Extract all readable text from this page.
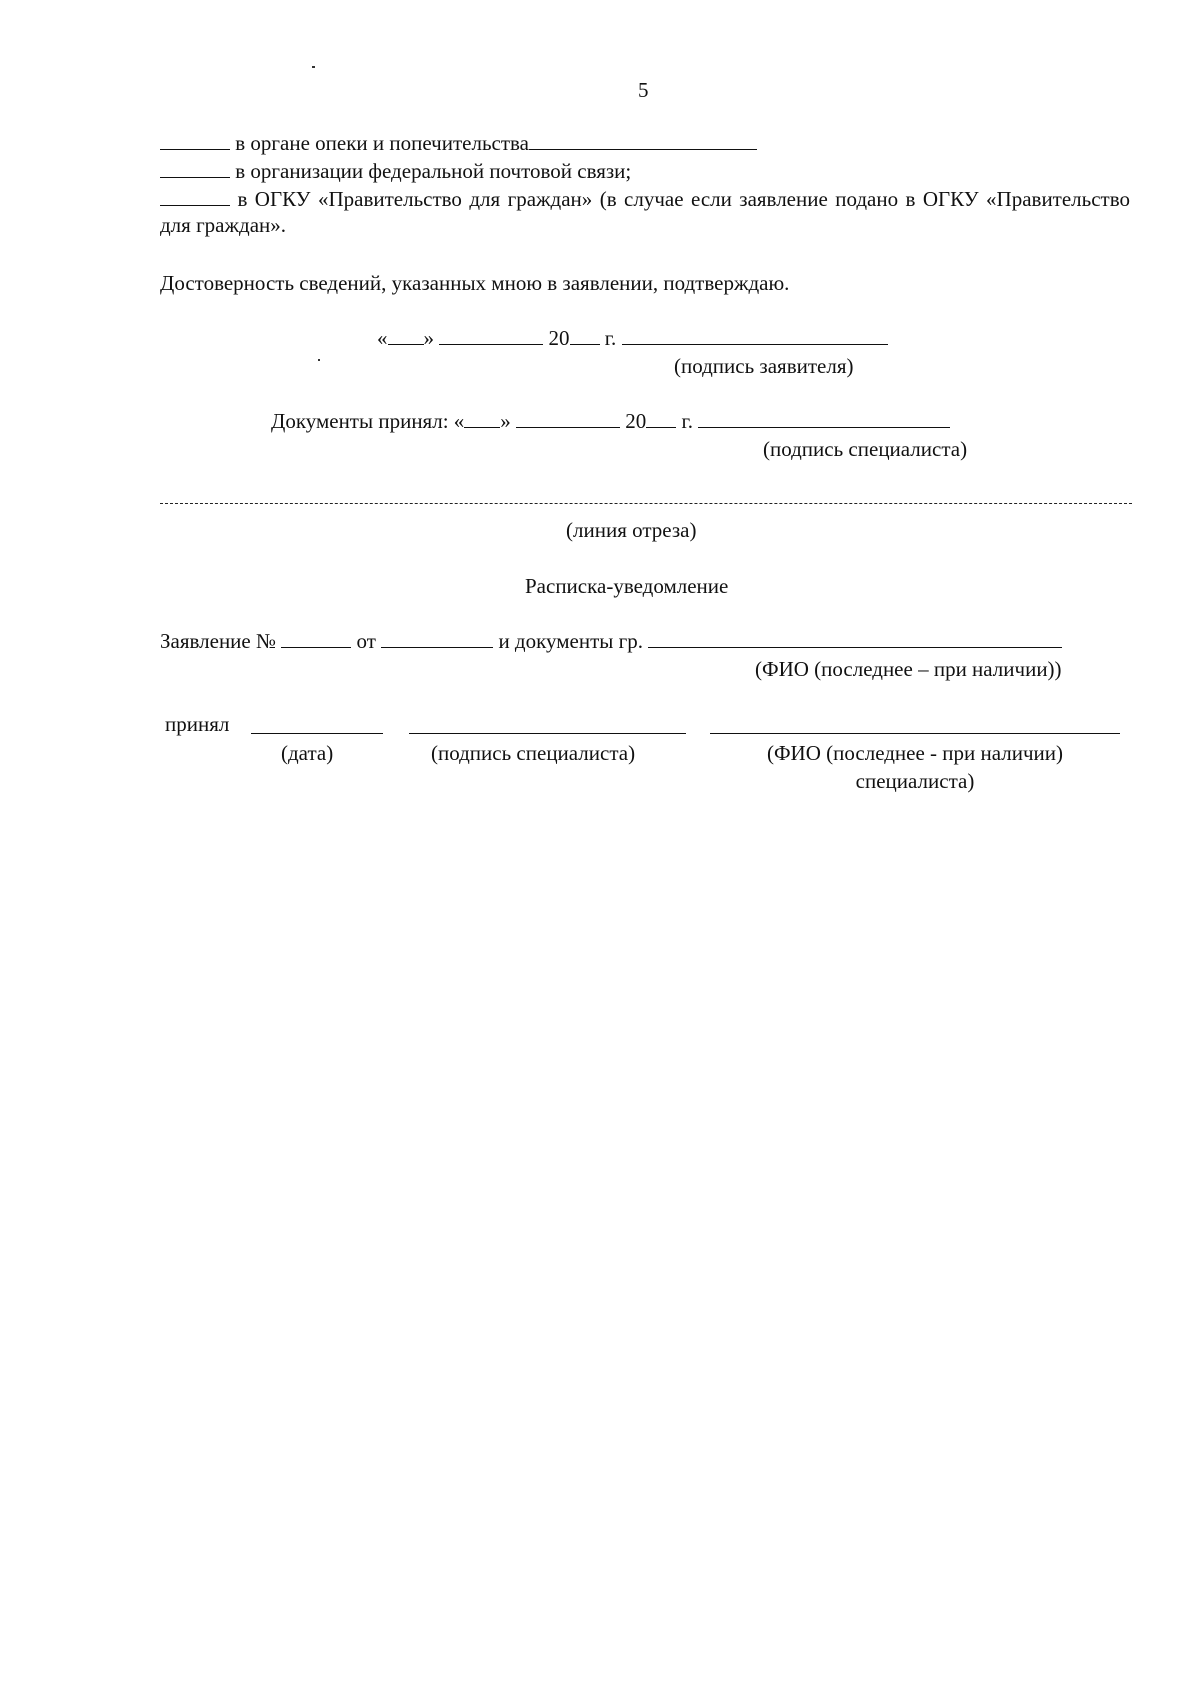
5
в органе опеки и попечительства
в организации федеральной почтовой связи;
в ОГКУ «Правительство для граждан» (в случае если заявление подано в ОГКУ «Правительство для граждан».
Достоверность сведений, указанных мною в заявлении, подтверждаю.
« »	20 г.
(подпись заявителя)
Документы принял: « »	20 г.
(подпись специалиста)
(линия отреза)
Расписка-уведомление
Заявление №	от	и документы гр.
(ФИО (последнее – при наличии))
принял
(дата)	(подпись специалиста)	(ФИО (последнее - при наличии)
специалиста)
